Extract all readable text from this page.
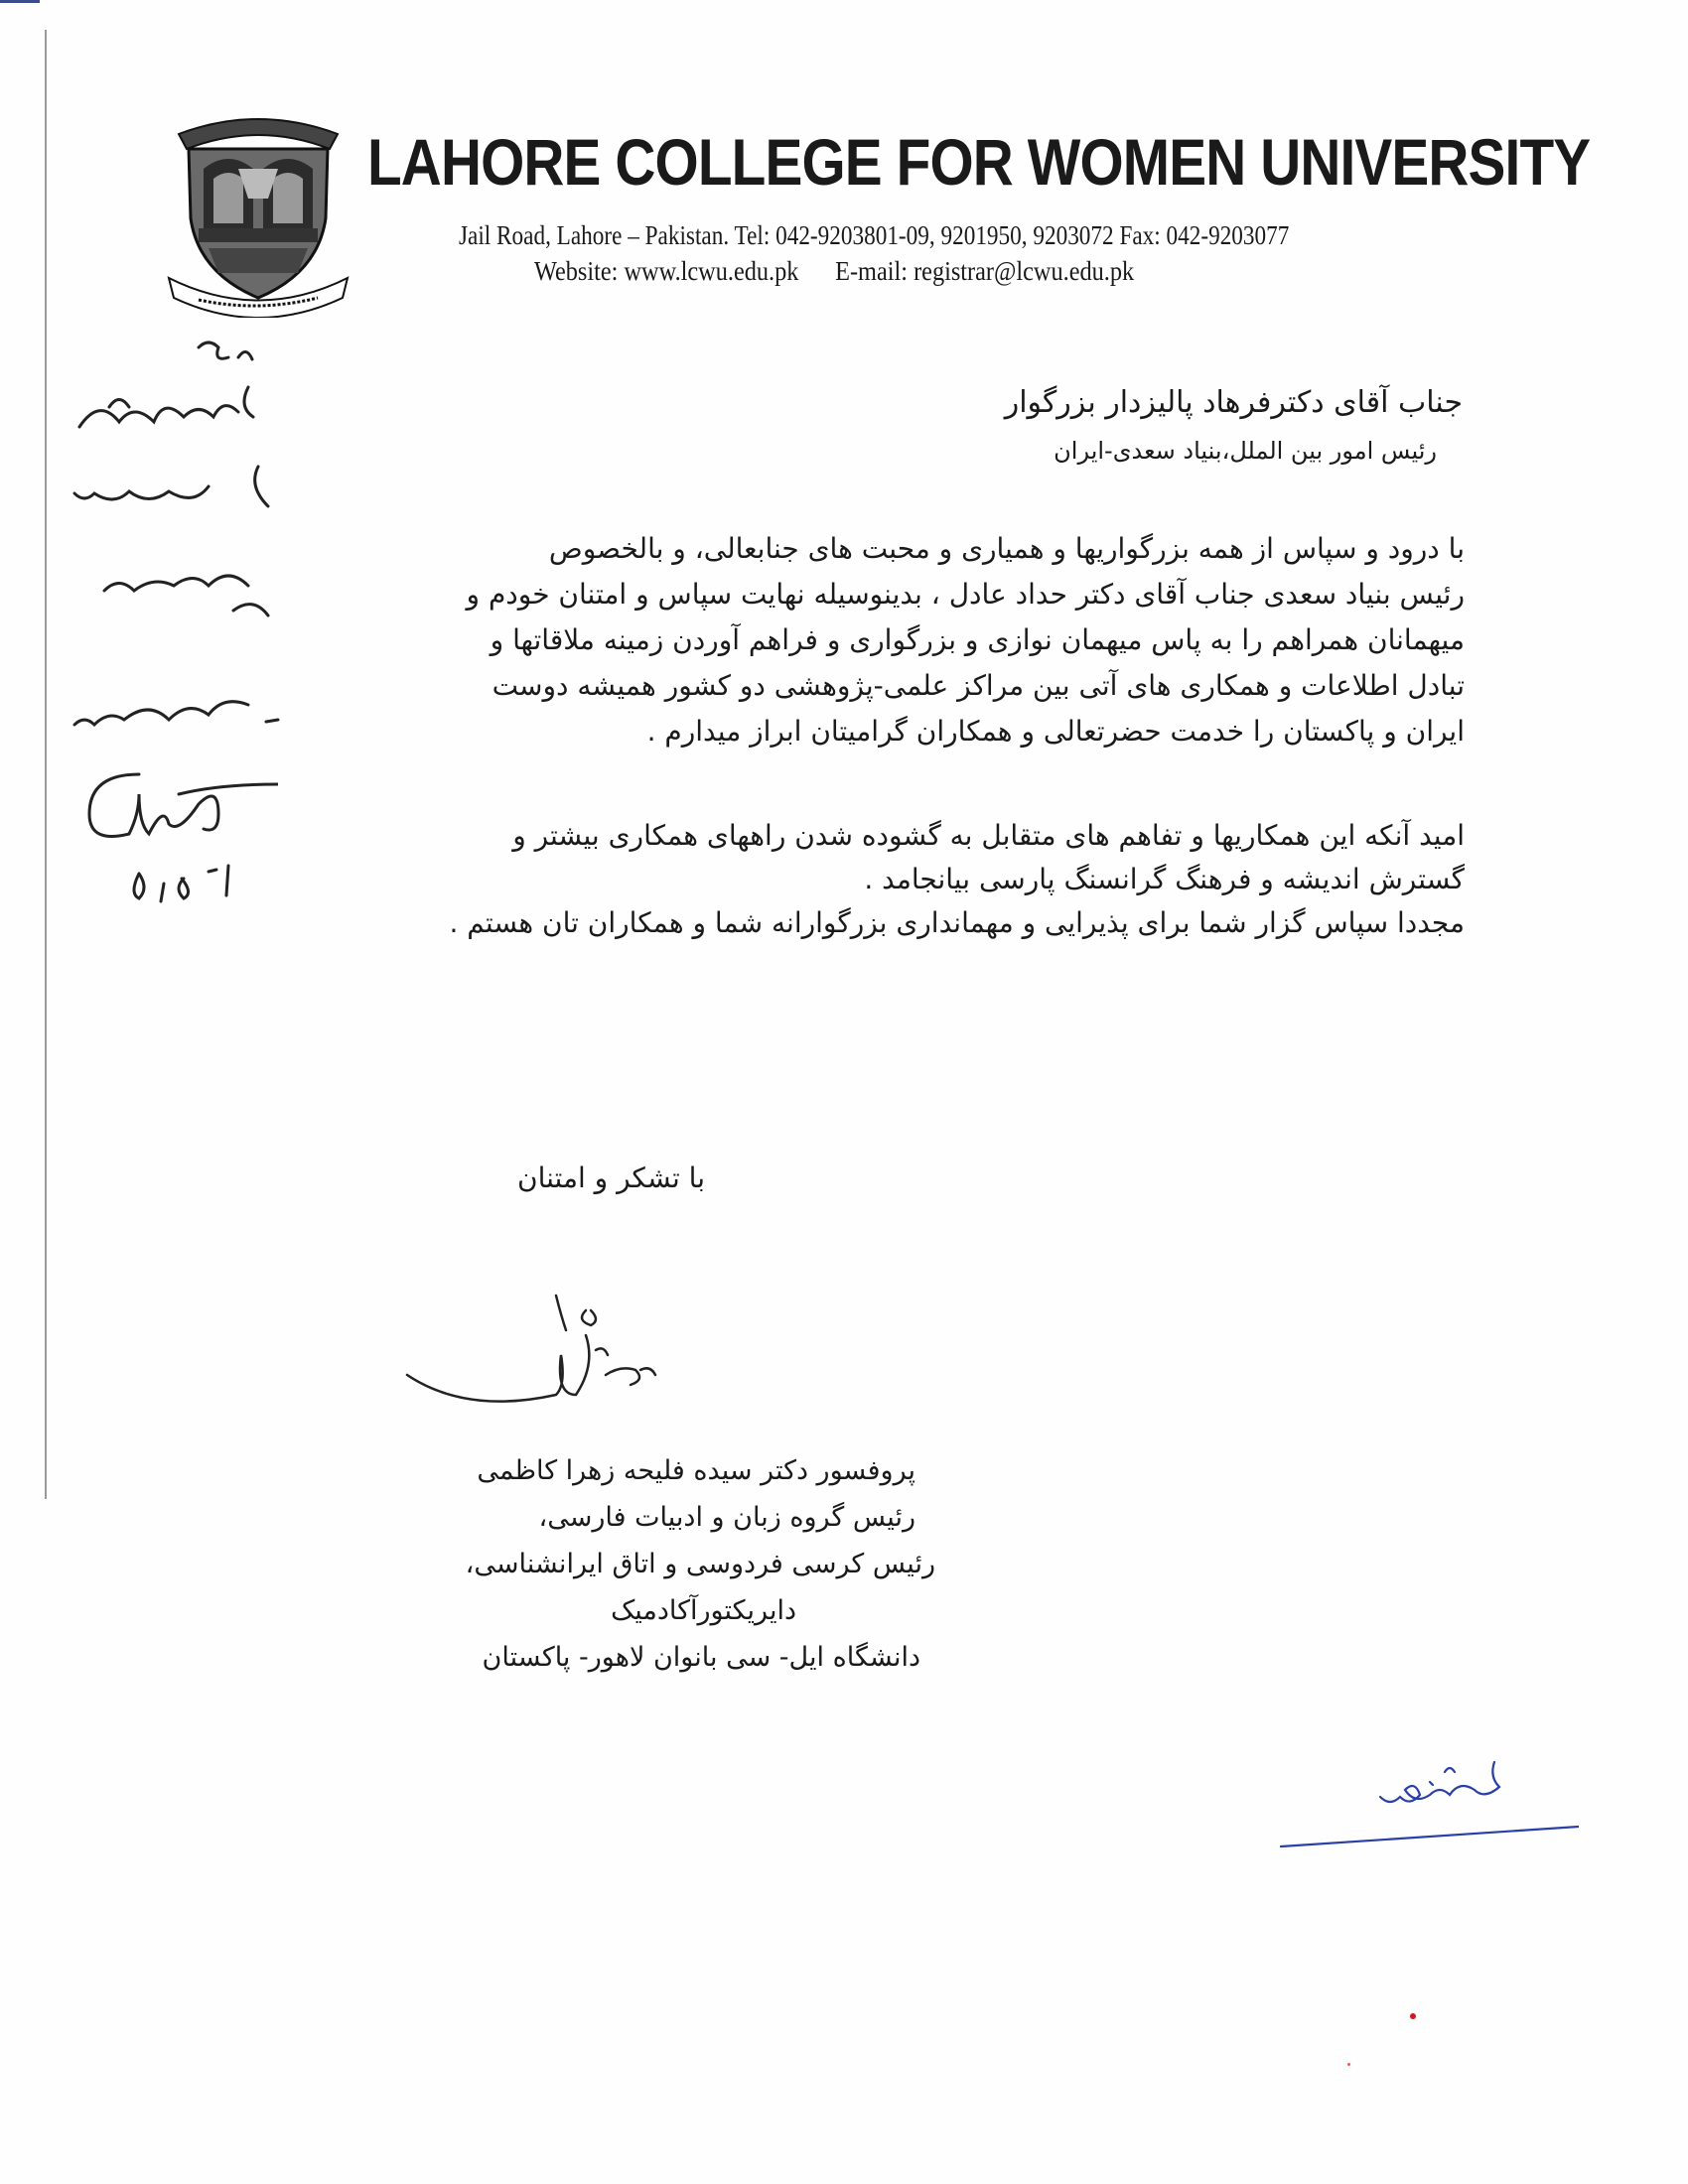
LAHORE COLLEGE FOR WOMEN UNIVERSITY
Jail Road, Lahore – Pakistan. Tel: 042-9203801-09, 9201950, 9203072 Fax: 042-9203077
Website: www.lcwu.edu.pk E-mail: registrar@lcwu.edu.pk
جناب آقای دکترفرهاد پالیزدار بزرگوار
رئیس امور بین الملل،بنیاد سعدی-ایران
با درود و سپاس از همه بزرگواریها و همیاری و محبت های جنابعالی، و بالخصوص
رئیس بنیاد سعدی جناب آقای دکتر حداد عادل ، بدینوسیله نهایت سپاس و امتنان خودم و
میهمانان همراهم را به پاس میهمان نوازی و بزرگواری و فراهم آوردن زمینه ملاقاتها و
تبادل اطلاعات و همکاری های آتی بین مراکز علمی-پژوهشی دو کشور همیشه دوست
ایران و پاکستان را خدمت حضرتعالی و همکاران گرامیتان ابراز میدارم .
امید آنکه این همکاریها و تفاهم های متقابل به گشوده شدن راههای همکاری بیشتر و
گسترش اندیشه و فرهنگ گرانسنگ پارسی بیانجامد .
مجددا سپاس گزار شما برای پذیرایی و مهمانداری بزرگوارانه شما و همکاران تان هستم .
با تشکر و امتنان
پروفسور دکتر سیده فلیحه زهرا کاظمی
رئیس گروه زبان و ادبیات فارسی،
رئیس کرسی فردوسی و اتاق ایرانشناسی،
دایریکتورآکادمیک
دانشگاه ایل- سی بانوان لاهور- پاکستان
